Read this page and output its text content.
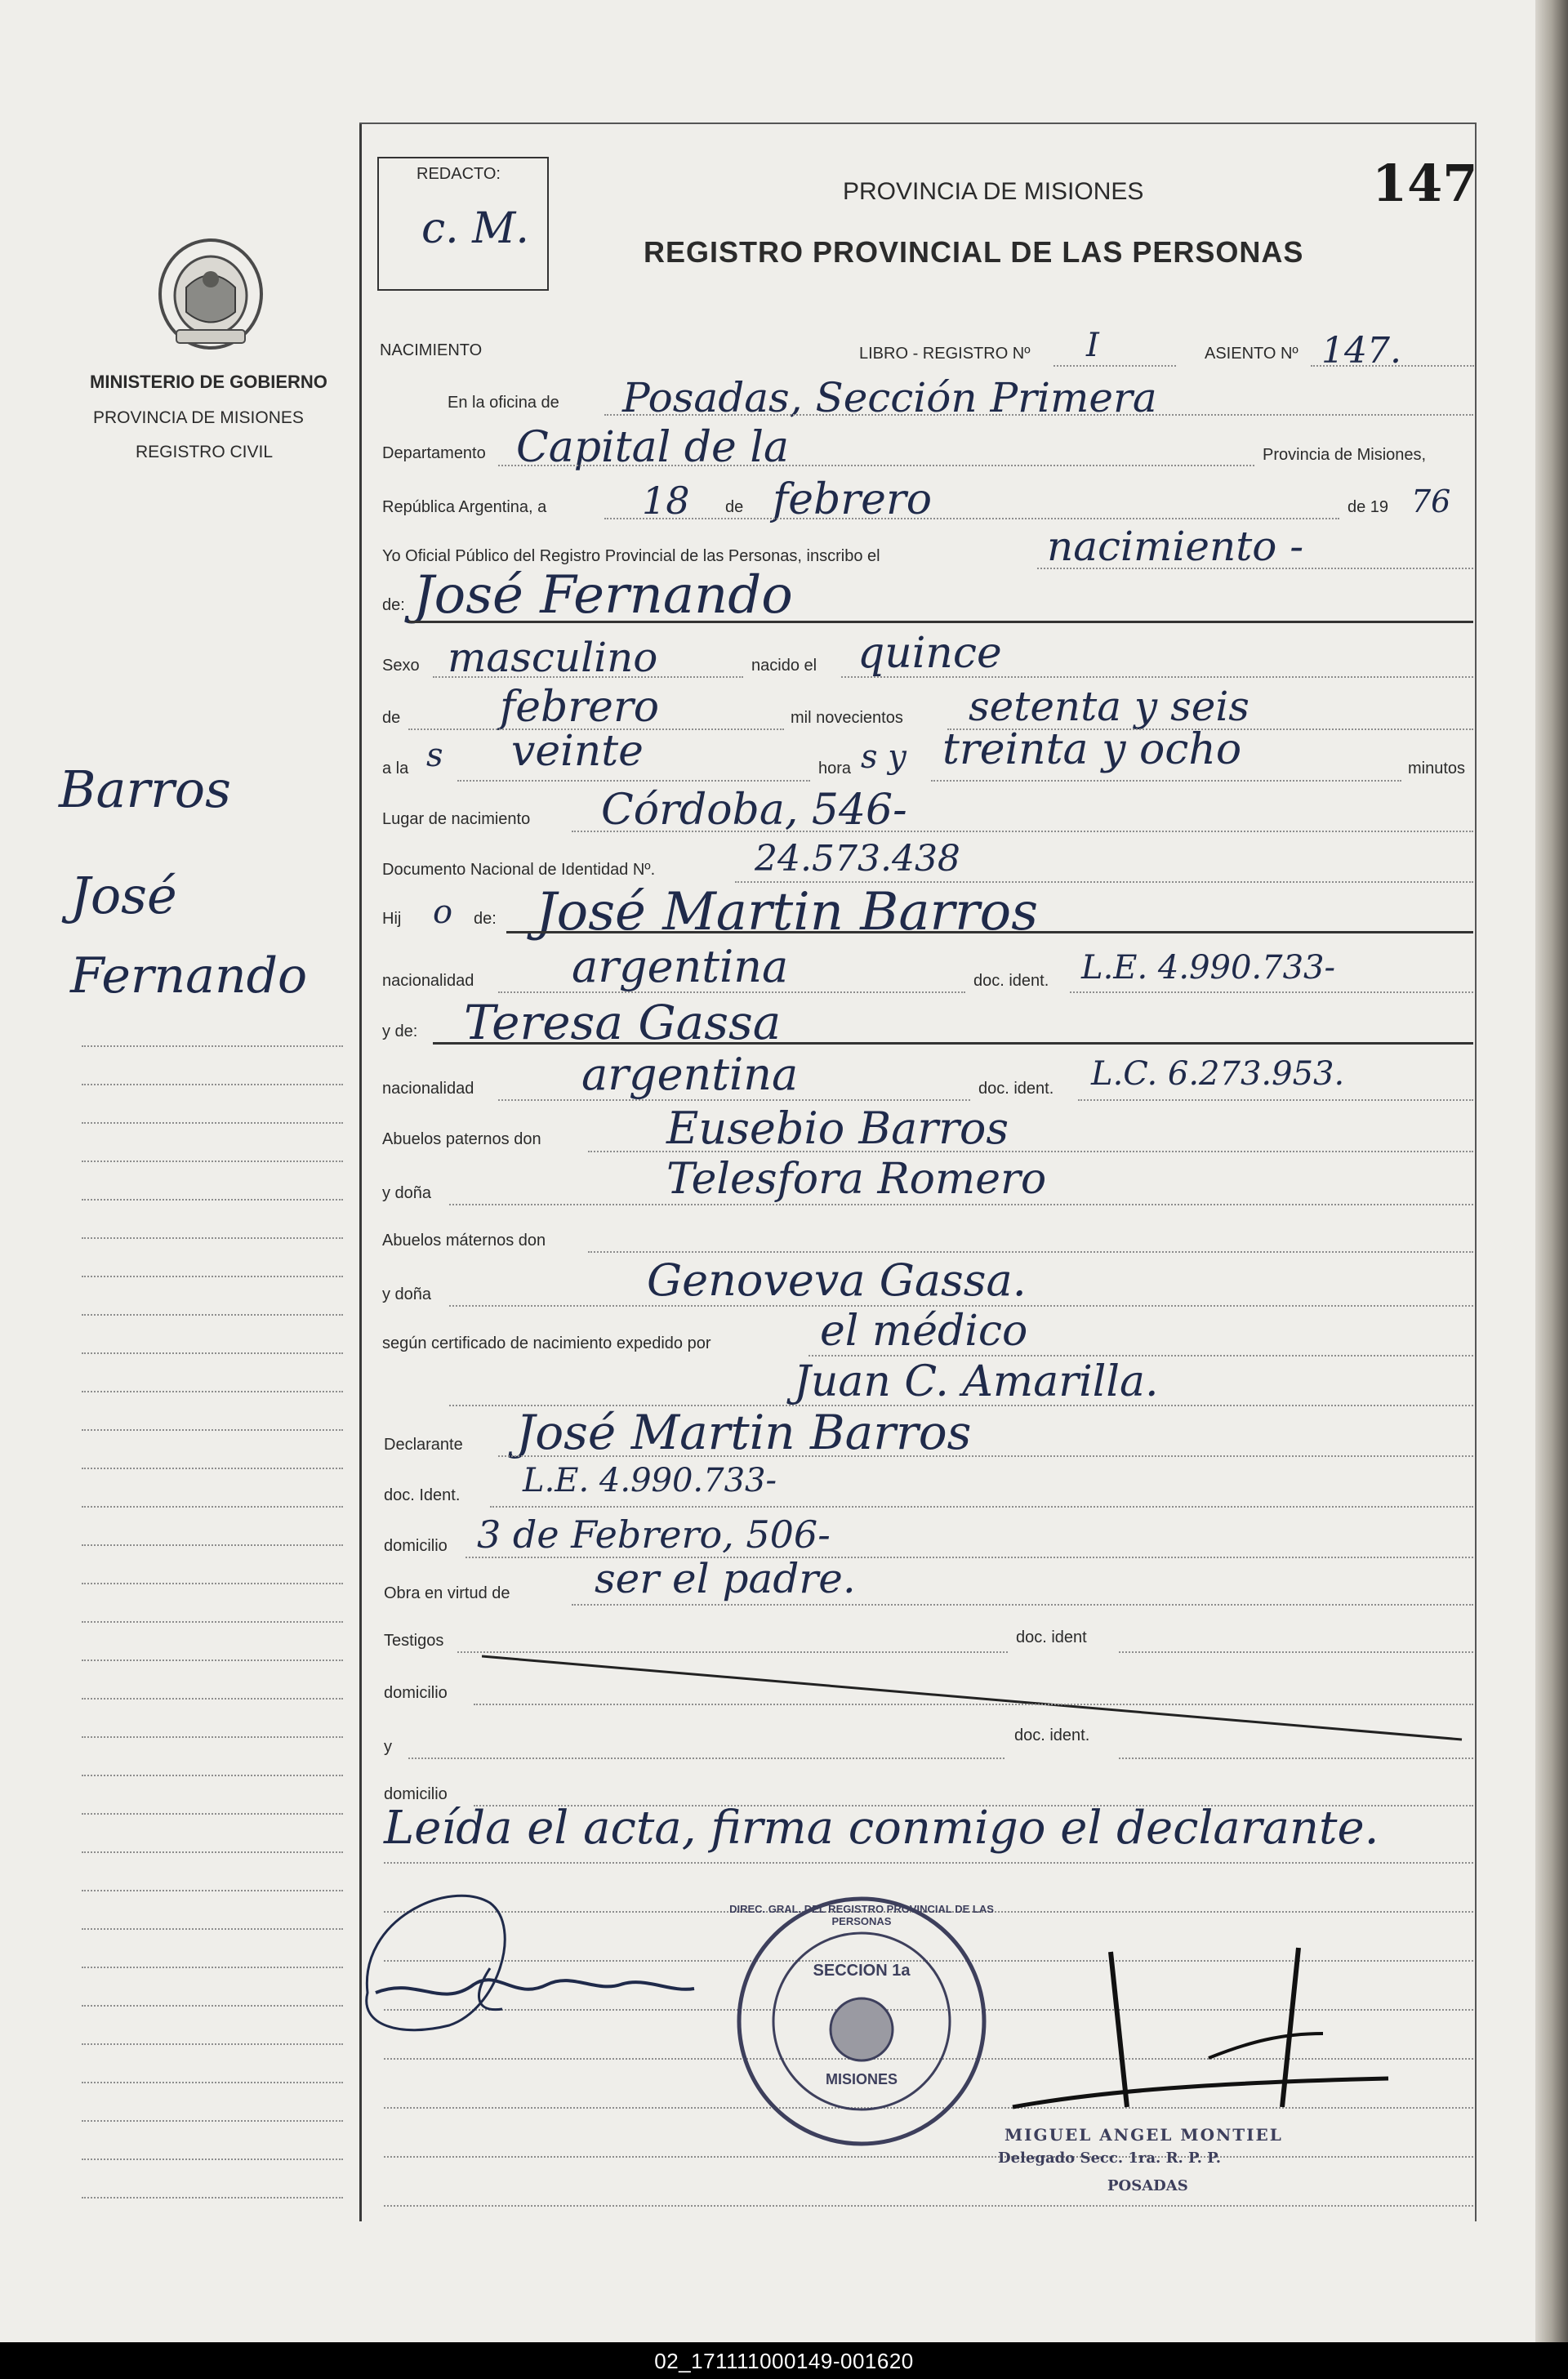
MINISTERIO DE GOBIERNO
PROVINCIA DE MISIONES
REGISTRO CIVIL
Barros
José
Fernando
REDACTO:
c. M.
PROVINCIA DE MISIONES
REGISTRO PROVINCIAL DE LAS PERSONAS
147
NACIMIENTO	LIBRO - REGISTRO Nº I	ASIENTO Nº 147.
En la oficina de Posadas, Sección Primera
Departamento Capital de la	Provincia de Misiones,
República Argentina, a	18 de febrero	de 19 76
Yo Oficial Público del Registro Provincial de las Personas, inscribo el	nacimiento -
de: José Fernando
Sexo masculino	nacido el quince
de febrero	mil novecientos setenta y seis
a la s veinte	hora s y treinta y ocho	minutos
Lugar de nacimiento Córdoba, 546-
Documento Nacional de Identidad Nº.	24.573.438
Hij o de: José Martin Barros
nacionalidad argentina	doc. ident. L.E. 4.990.733-
y de: Teresa Gassa
nacionalidad argentina	doc. ident. L.C. 6.273.953.
Abuelos paternos don	Eusebio Barros
y doña	Telesfora Romero
Abuelos máternos don
y doña	Genoveva Gassa.
según certificado de nacimiento expedido por	el médico
Juan C. Amarilla.
Declarante José Martin Barros
doc. Ident. L.E. 4.990.733-
domicilio 3 de Febrero, 506-
Obra en virtud de ser el padre.
Testigos	doc. ident
domicilio
y
doc. ident.
domicilio
Leída el acta, firma conmigo el declarante.
DIREC. GRAL. DEL REGISTRO PROVINCIAL DE LAS PERSONAS
SECCION 1a
MISIONES
MIGUEL ANGEL MONTIEL
Delegado Secc. 1ra. R. P. P.
POSADAS
02_171111000149-001620
